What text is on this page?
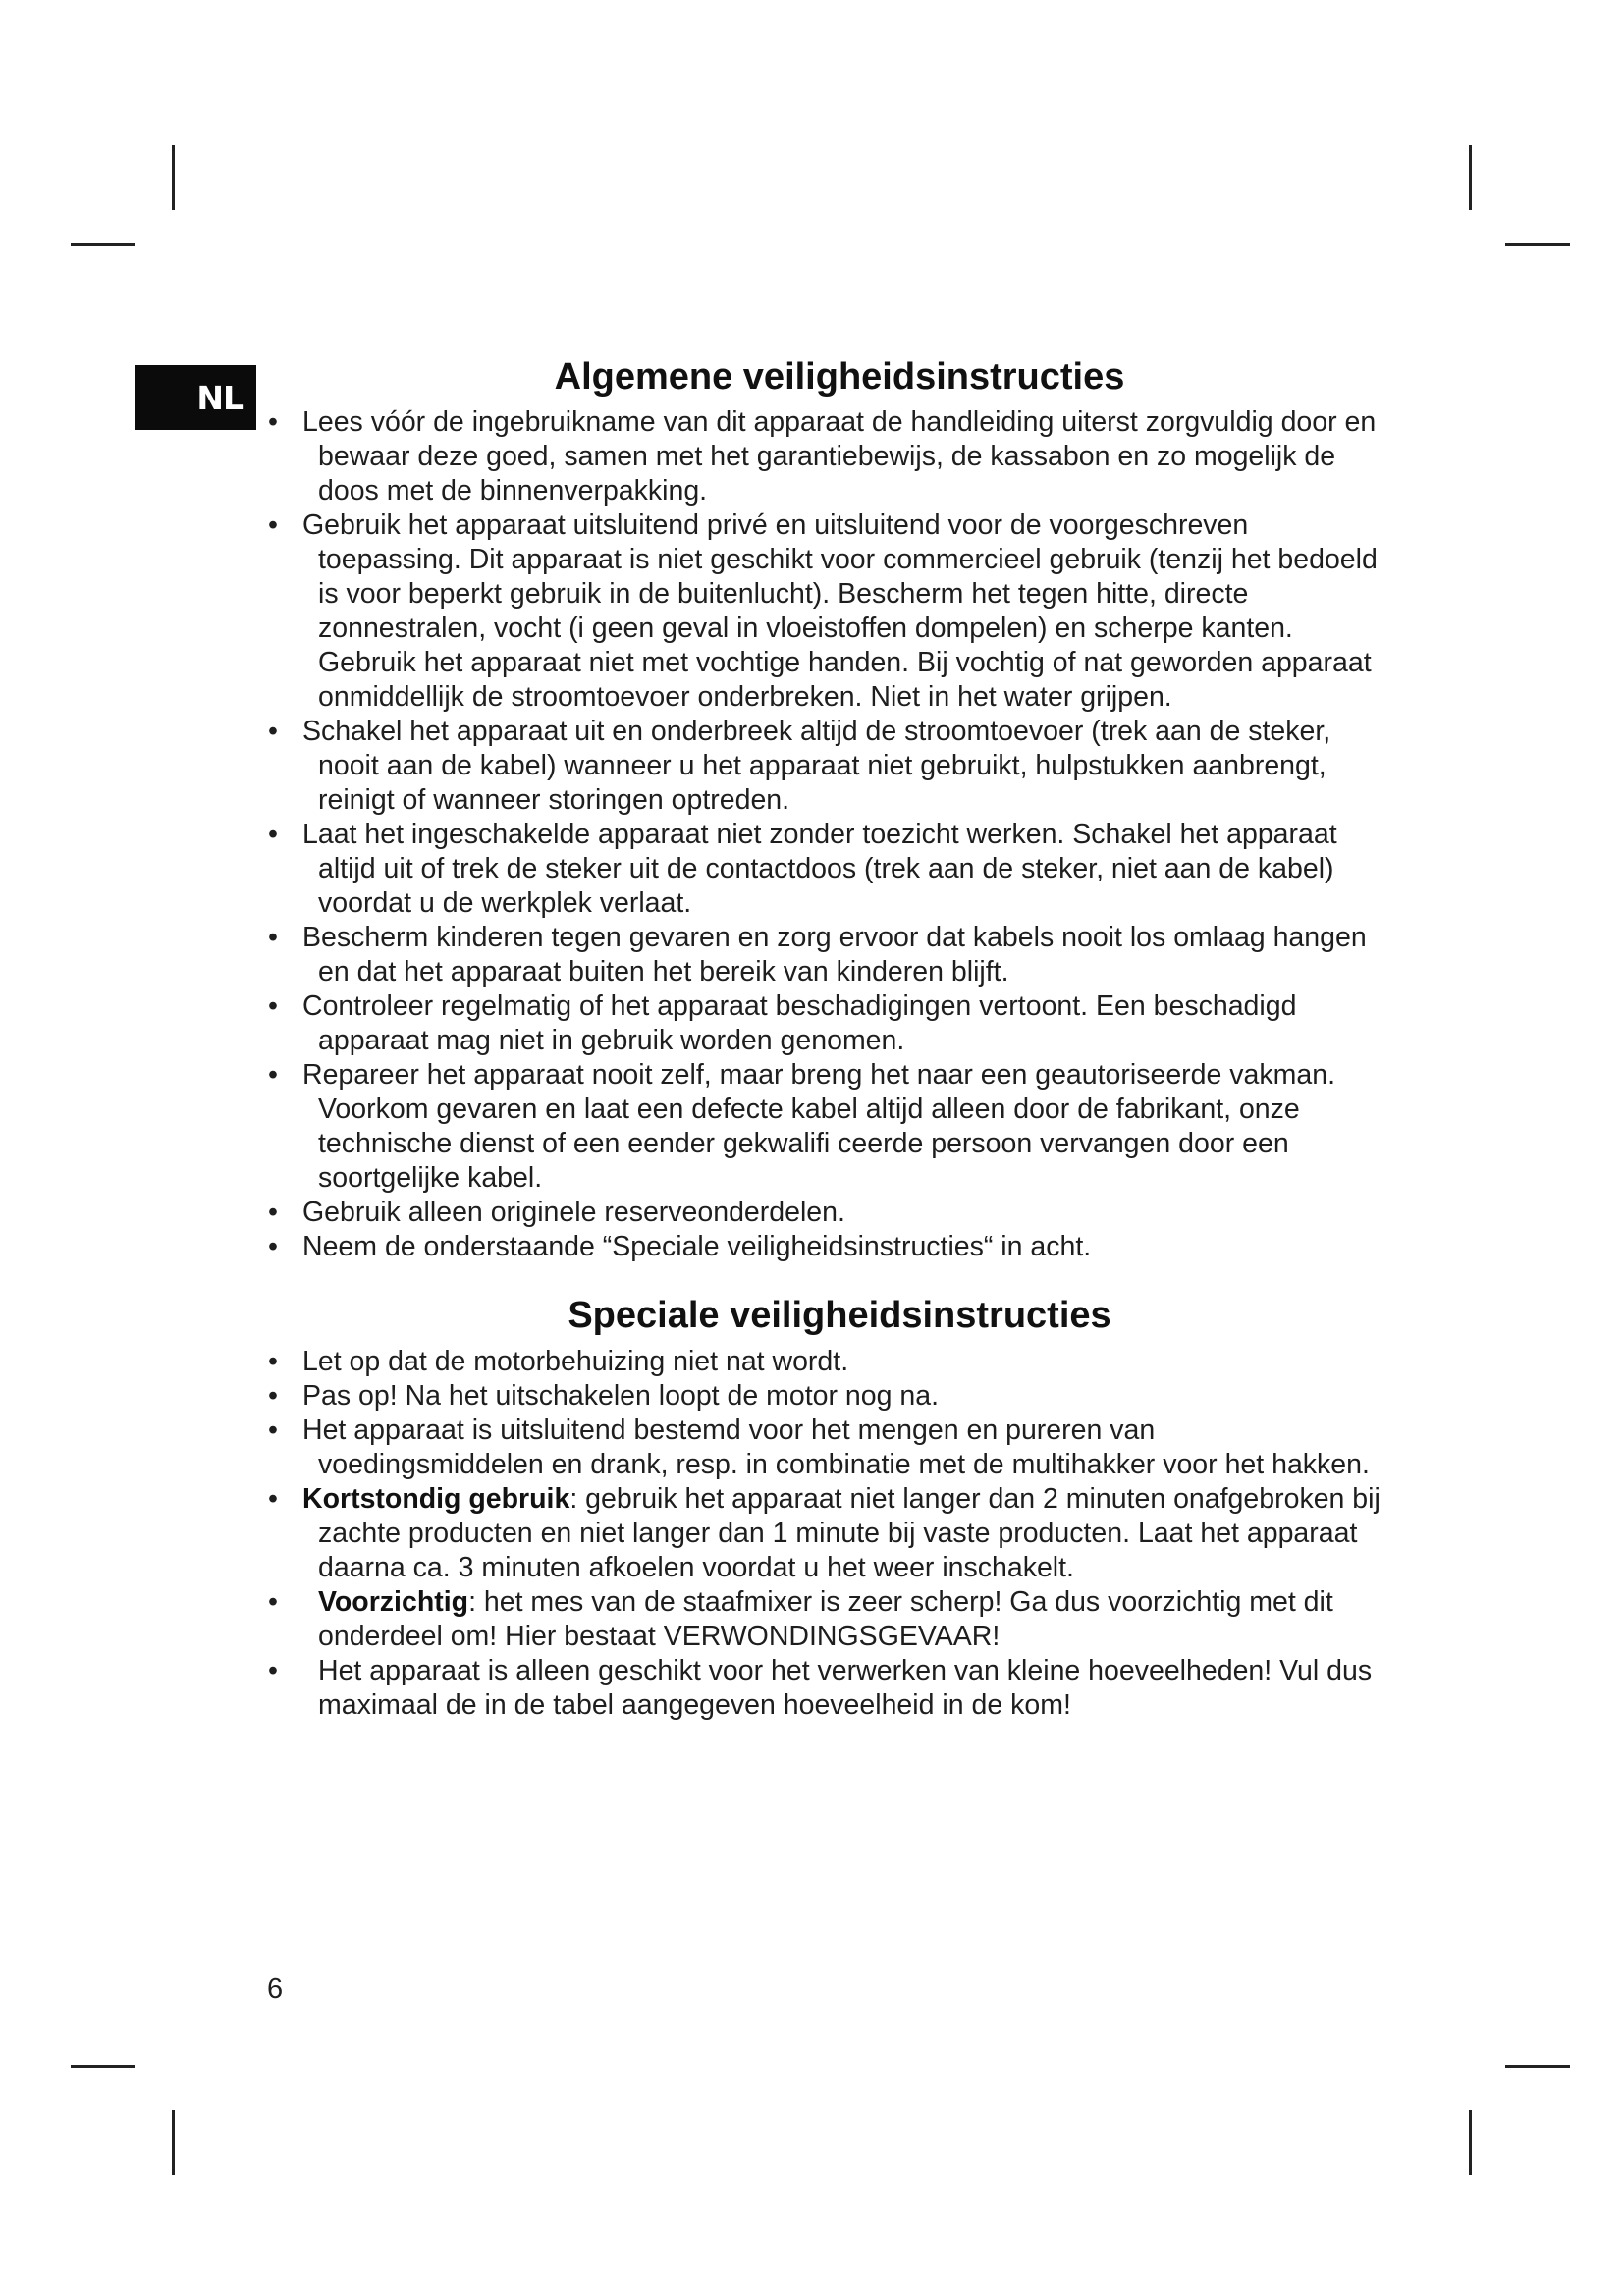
NL	Algemene veiligheidsinstructies
• Lees vóór de ingebruikname van dit apparaat de handleiding uiterst zorgvuldig door en bewaar deze goed, samen met het garantiebewijs, de kassabon en zo mogelijk de doos met de binnenverpakking.
• Gebruik het apparaat uitsluitend privé en uitsluitend voor de voorgeschreven toepassing. Dit apparaat is niet geschikt voor commercieel gebruik (tenzij het bedoeld is voor beperkt gebruik in de buitenlucht). Bescherm het tegen hitte, directe zonnestralen, vocht (i geen geval in vloeistoffen dompelen) en scherpe kanten. Gebruik het apparaat niet met vochtige handen. Bij vochtig of nat geworden apparaat onmiddellijk de stroomtoevoer onderbreken. Niet in het water grijpen.
• Schakel het apparaat uit en onderbreek altijd de stroomtoevoer (trek aan de steker, nooit aan de kabel) wanneer u het apparaat niet gebruikt, hulpstukken aanbrengt, reinigt of wanneer storingen optreden.
• Laat het ingeschakelde apparaat niet zonder toezicht werken. Schakel het apparaat altijd uit of trek de steker uit de contactdoos (trek aan de steker, niet aan de kabel) voordat u de werkplek verlaat.
• Bescherm kinderen tegen gevaren en zorg ervoor dat kabels nooit los omlaag hangen en dat het apparaat buiten het bereik van kinderen blijft.
• Controleer regelmatig of het apparaat beschadigingen vertoont. Een beschadigd apparaat mag niet in gebruik worden genomen.
• Repareer het apparaat nooit zelf, maar breng het naar een geautoriseerde vakman. Voorkom gevaren en laat een defecte kabel altijd alleen door de fabrikant, onze technische dienst of een eender gekwalifi ceerde persoon vervangen door een soortgelijke kabel.
• Gebruik alleen originele reserveonderdelen.
• Neem de onderstaande “Speciale veiligheidsinstructies“ in acht.
Speciale veiligheidsinstructies
• Let op dat de motorbehuizing niet nat wordt.
• Pas op! Na het uitschakelen loopt de motor nog na.
• Het apparaat is uitsluitend bestemd voor het mengen en pureren van voedingsmiddelen en drank, resp. in combinatie met de multihakker voor het hakken.
• Kortstondig gebruik: gebruik het apparaat niet langer dan 2 minuten onafgebroken bij zachte producten en niet langer dan 1 minute bij vaste producten. Laat het apparaat daarna ca. 3 minuten afkoelen voordat u het weer inschakelt.
•	Voorzichtig: het mes van de staafmixer is zeer scherp! Ga dus voorzichtig met dit onderdeel om! Hier bestaat VERWONDINGSGEVAAR!
•	Het apparaat is alleen geschikt voor het verwerken van kleine hoeveelheden! Vul dus maximaal de in de tabel aangegeven hoeveelheid in de kom!
6
